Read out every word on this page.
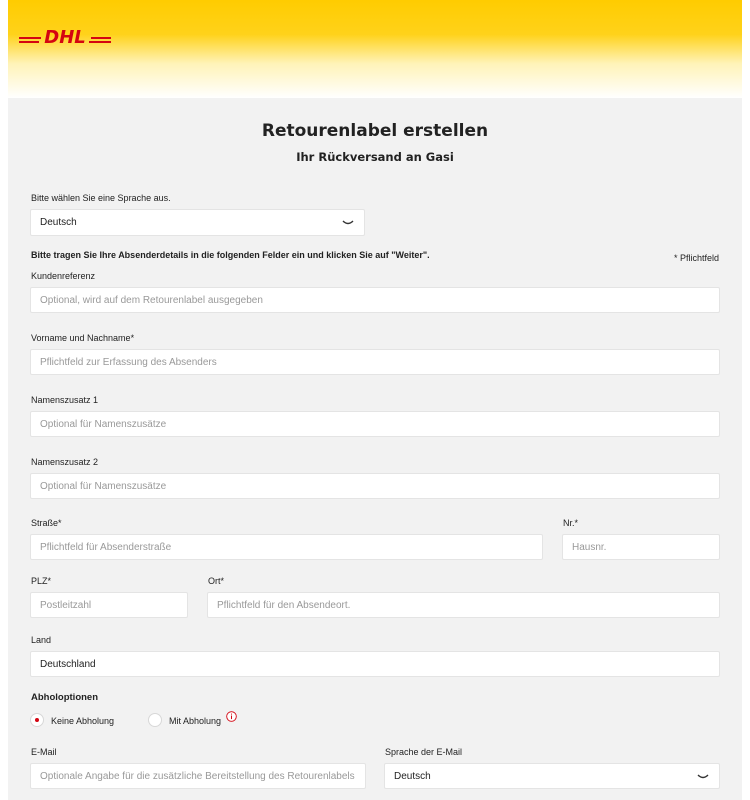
DHL
Retourenlabel erstellen
Ihr Rückversand an Gasi
Bitte wählen Sie eine Sprache aus.
Deutsch
Bitte tragen Sie Ihre Absenderdetails in die folgenden Felder ein und klicken Sie auf "Weiter".	* Pflichtfeld
Kundenreferenz
Optional, wird auf dem Retourenlabel ausgegeben
Vorname und Nachname*
Pflichtfeld zur Erfassung des Absenders
Namenszusatz 1
Optional für Namenszusätze
Namenszusatz 2
Optional für Namenszusätze
Straße*
Pflichtfeld für Absenderstraße
Nr.*
Hausnr.
PLZ*
Postleitzahl
Ort*
Pflichtfeld für den Absendeort.
Land
Deutschland
Abholoptionen
Keine Abholung	Mit Abholung
E-Mail
Optionale Angabe für die zusätzliche Bereitstellung des Retourenlabels
Sprache der E-Mail
Deutsch
